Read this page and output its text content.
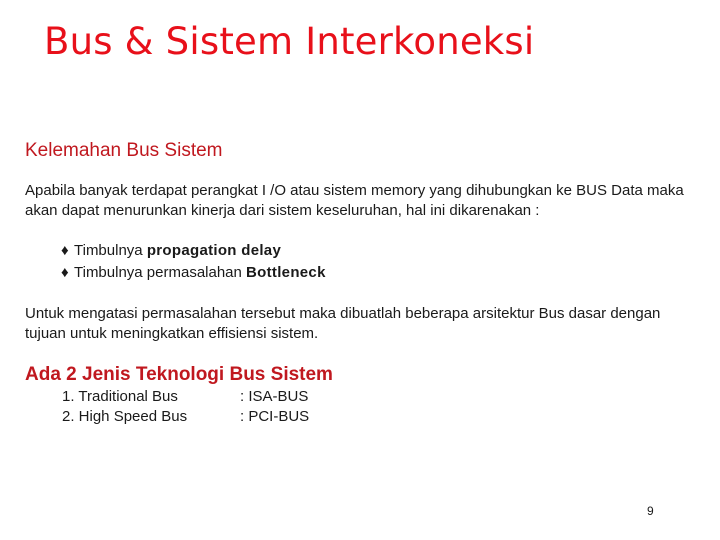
Bus & Sistem Interkoneksi
Kelemahan Bus Sistem
Apabila banyak terdapat perangkat I /O atau sistem memory yang dihubungkan ke BUS Data maka akan dapat menurunkan kinerja dari sistem keseluruhan, hal ini dikarenakan :
♦ Timbulnya propagation delay
♦ Timbulnya permasalahan Bottleneck
Untuk mengatasi permasalahan tersebut maka dibuatlah beberapa arsitektur Bus dasar dengan tujuan untuk meningkatkan effisiensi sistem.
Ada 2 Jenis Teknologi Bus Sistem
1. Traditional Bus	: ISA-BUS
2. High Speed Bus	: PCI-BUS
9
